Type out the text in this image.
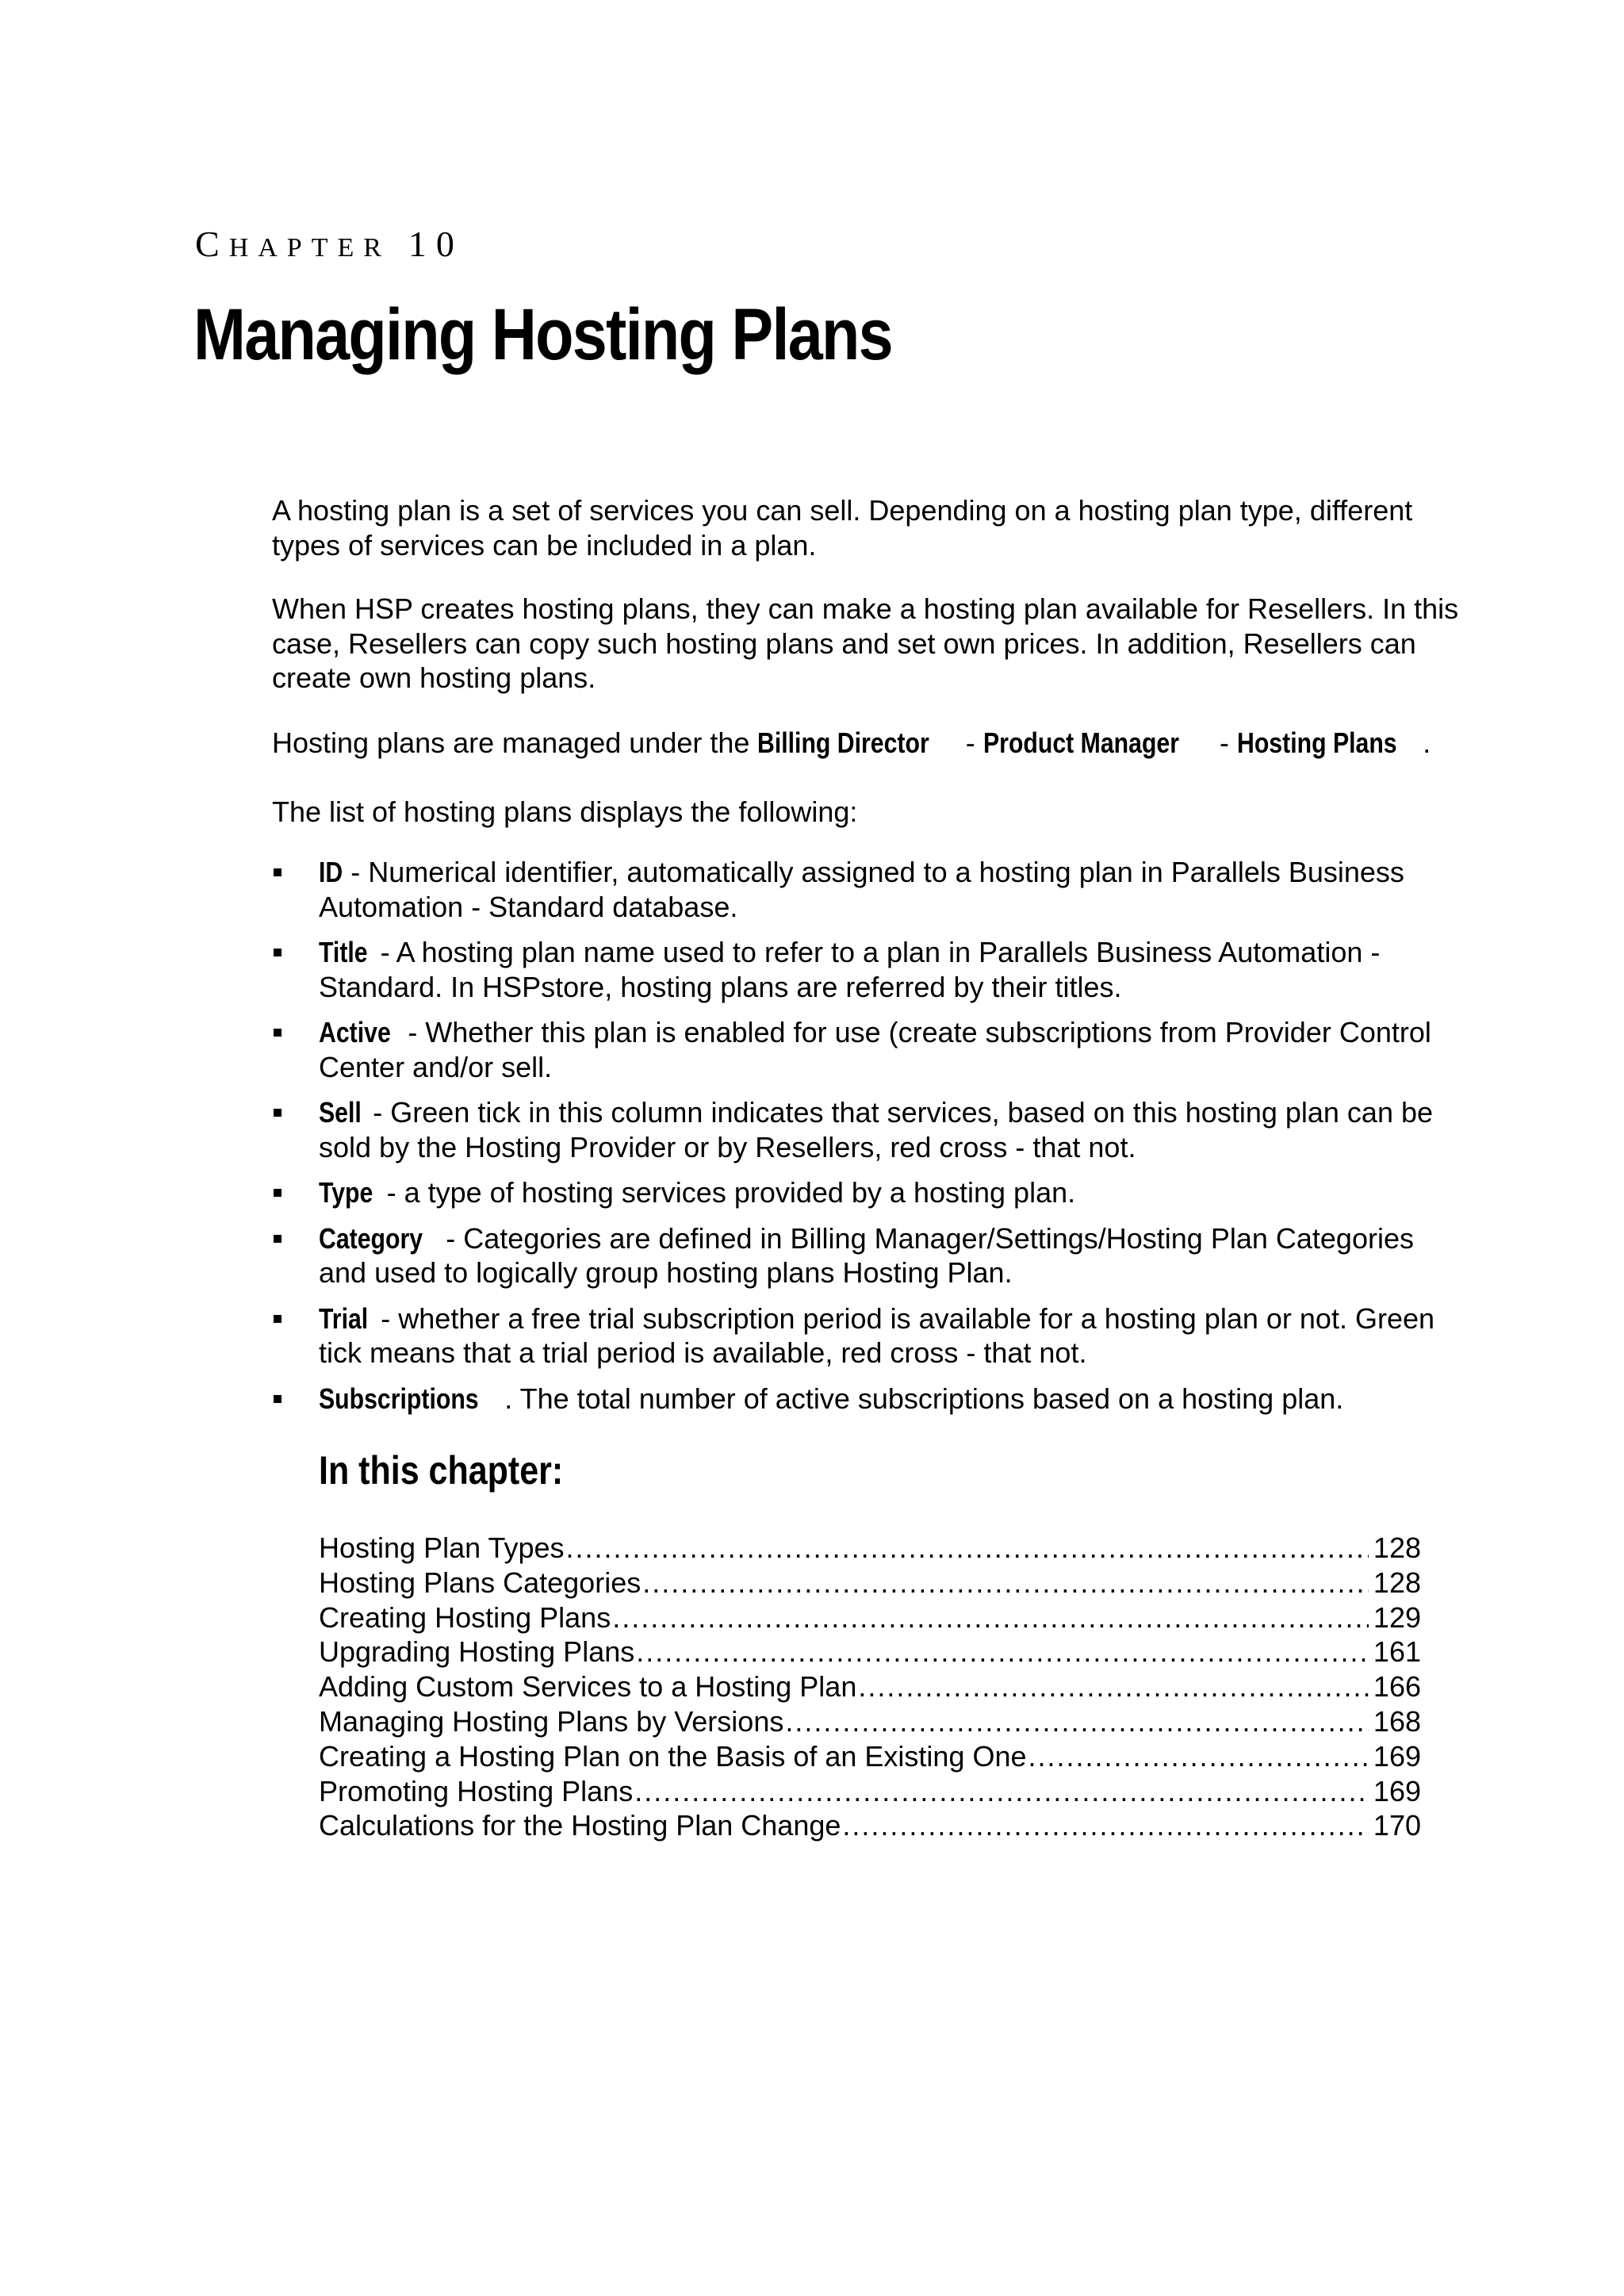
CHAPTER 10
Managing Hosting Plans

A hosting plan is a set of services you can sell. Depending on a hosting plan type, different types of services can be included in a plan.

When HSP creates hosting plans, they can make a hosting plan available for Resellers. In this case, Resellers can copy such hosting plans and set own prices. In addition, Resellers can create own hosting plans.

Hosting plans are managed under the Billing Director - Product Manager - Hosting Plans .

The list of hosting plans displays the following:

ID - Numerical identifier, automatically assigned to a hosting plan in Parallels Business Automation - Standard database.
Title - A hosting plan name used to refer to a plan in Parallels Business Automation - Standard. In HSPstore, hosting plans are referred by their titles.
Active - Whether this plan is enabled for use (create subscriptions from Provider Control Center and/or sell.
Sell - Green tick in this column indicates that services, based on this hosting plan can be sold by the Hosting Provider or by Resellers, red cross - that not.
Type - a type of hosting services provided by a hosting plan.
Category - Categories are defined in Billing Manager/Settings/Hosting Plan Categories and used to logically group hosting plans Hosting Plan.
Trial - whether a free trial subscription period is available for a hosting plan or not. Green tick means that a trial period is available, red cross - that not.
Subscriptions . The total number of active subscriptions based on a hosting plan.
In this chapter:
Hosting Plan Types . . .	128
Hosting Plans Categories . . .	128
Creating Hosting Plans . . .	129
Upgrading Hosting Plans . . .	161
Adding Custom Services to a Hosting Plan . . .	166
Managing Hosting Plans by Versions . . .	168
Creating a Hosting Plan on the Basis of an Existing One . . .	169
Promoting Hosting Plans . . .	169
Calculations for the Hosting Plan Change . . .	170
